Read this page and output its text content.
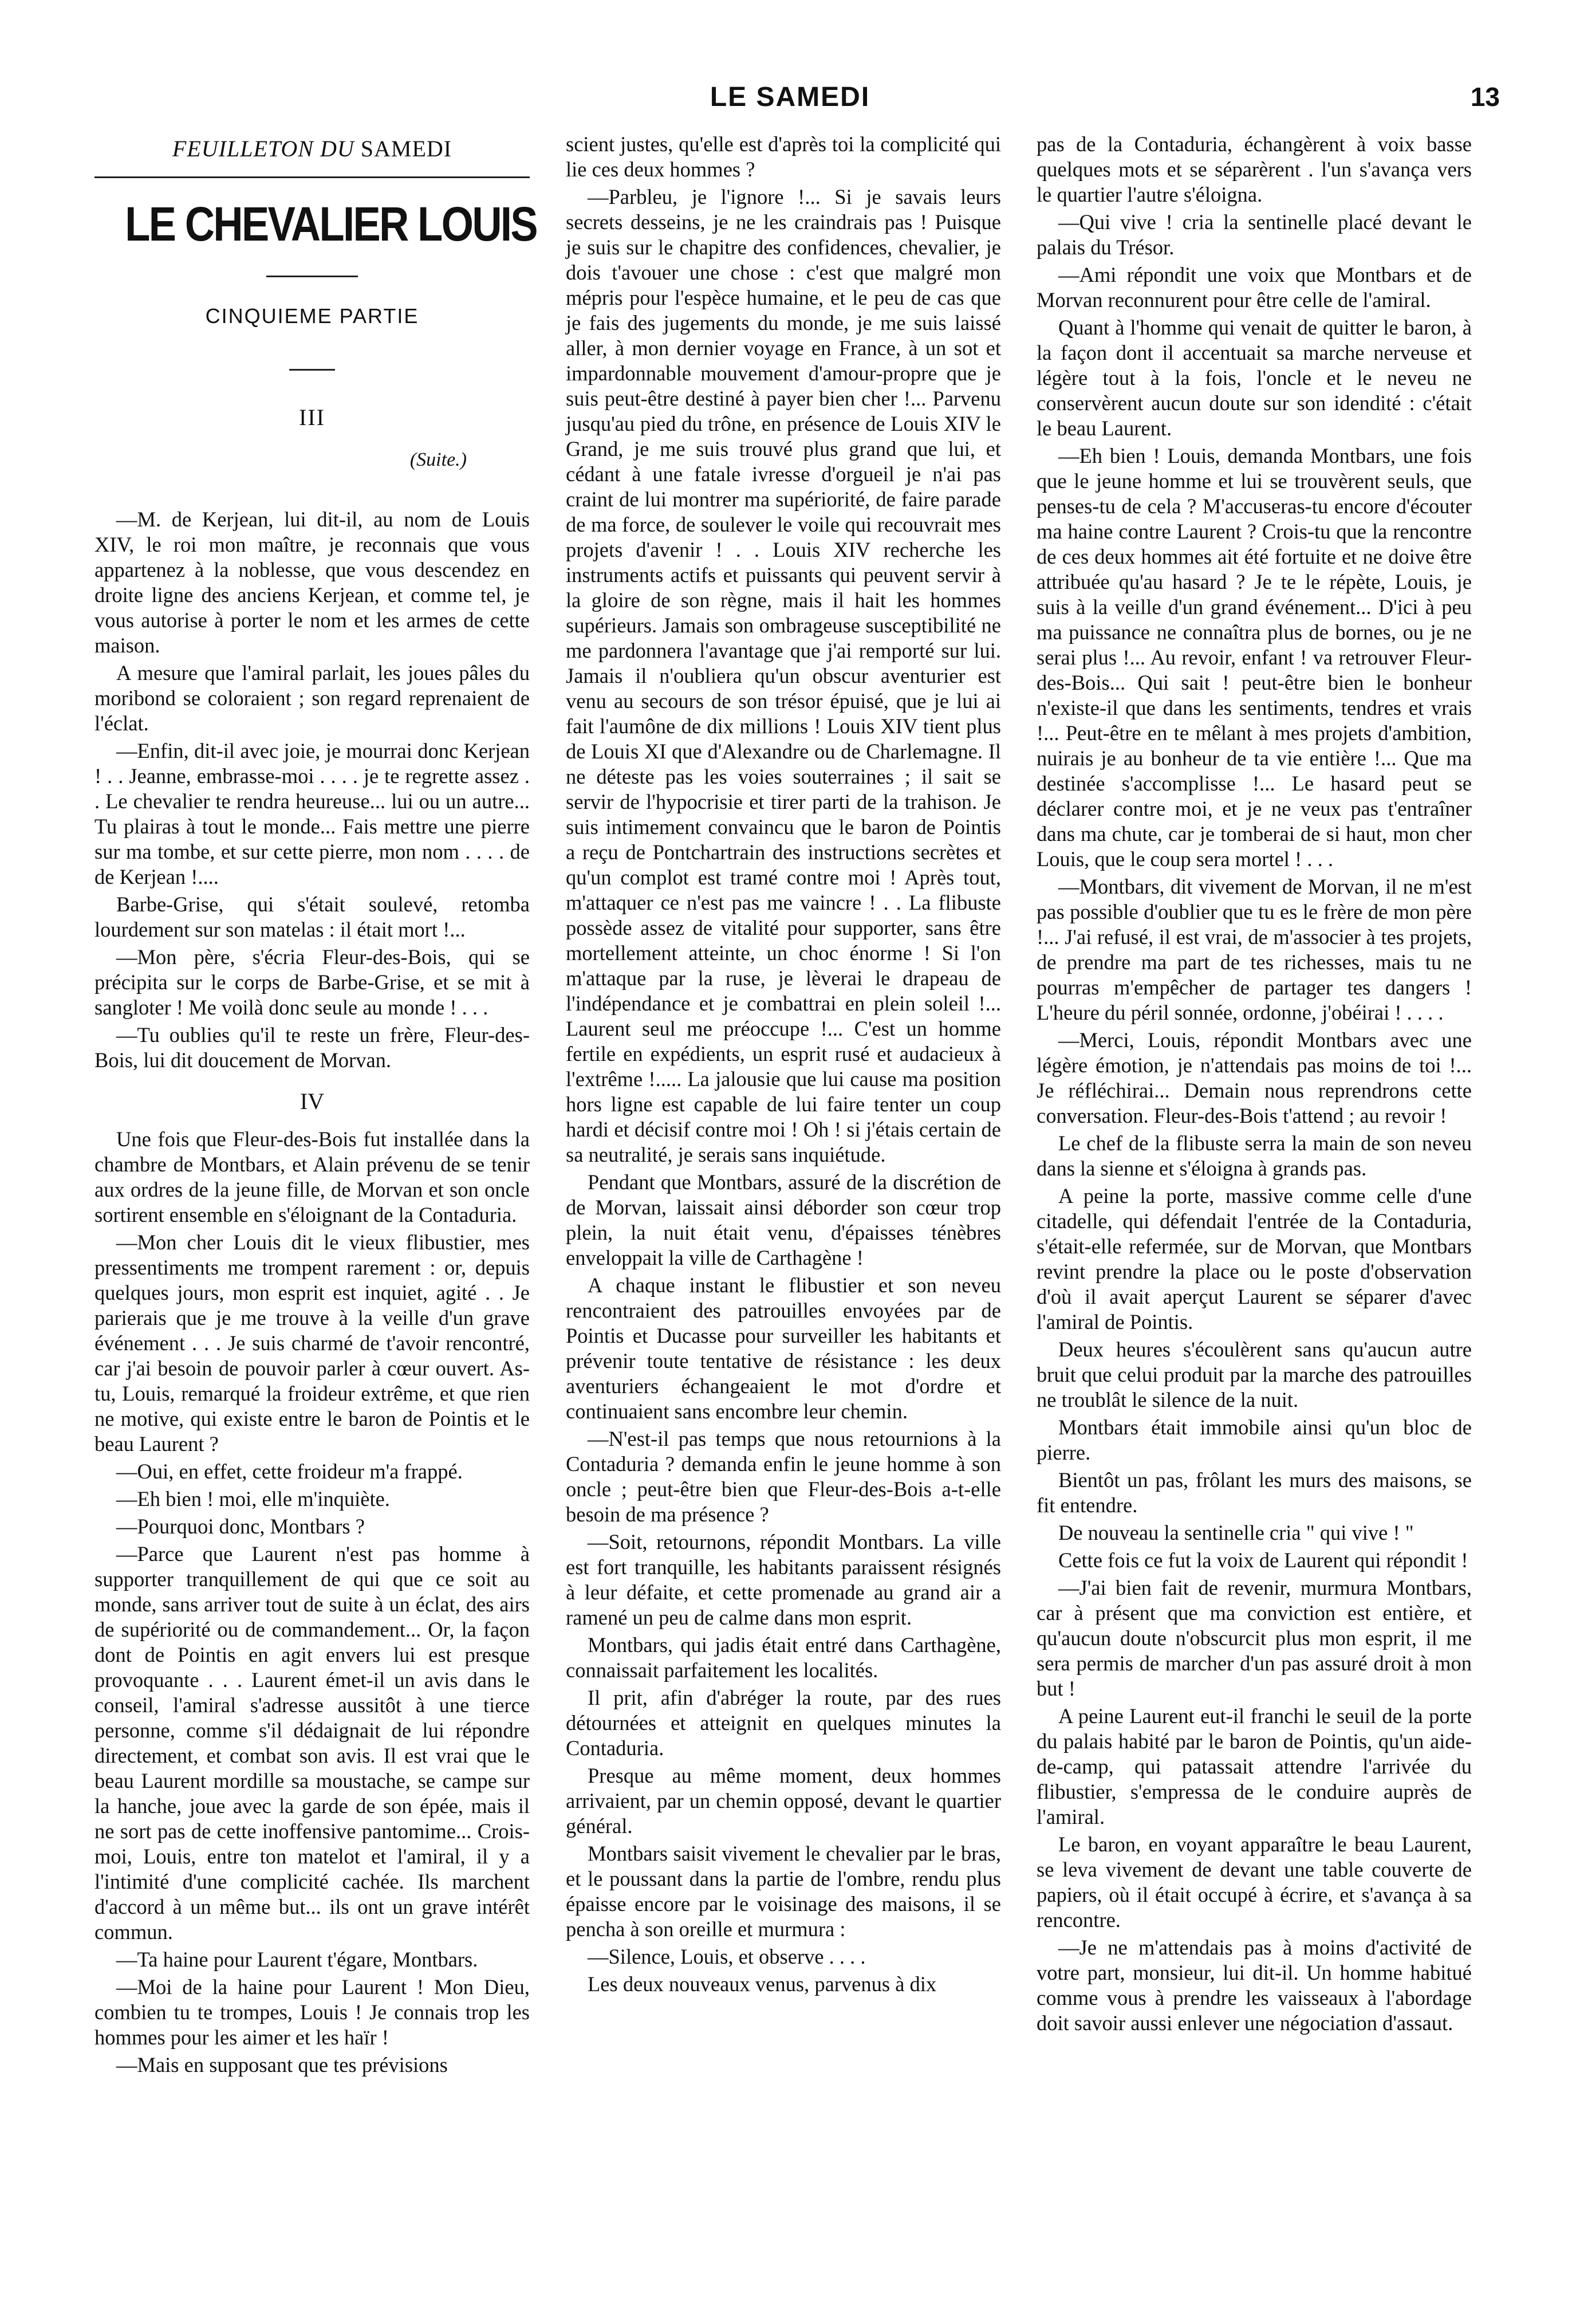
LE SAMEDI	13
FEUILLETON DU SAMEDI
LE CHEVALIER LOUIS
CINQUIEME PARTIE
III
(Suite.)

—M. de Kerjean, lui dit-il, au nom de Louis XIV, le roi mon maître, je reconnais que vous appartenez à la noblesse, que vous descendez en droite ligne des anciens Kerjean, et comme tel, je vous autorise à porter le nom et les armes de cette maison.

A mesure que l'amiral parlait, les joues pâles du moribond se coloraient ; son regard reprenaient de l'éclat.

—Enfin, dit-il avec joie, je mourrai donc Kerjean ! . . Jeanne, embrasse-moi . . . . je te regrette assez . . Le chevalier te rendra heureuse... lui ou un autre... Tu plairas à tout le monde... Fais mettre une pierre sur ma tombe, et sur cette pierre, mon nom . . . . de de Kerjean !....

Barbe-Grise, qui s'était soulevé, retomba lourdement sur son matelas : il était mort !...

—Mon père, s'écria Fleur-des-Bois, qui se précipita sur le corps de Barbe-Grise, et se mit à sangloter ! Me voilà donc seule au monde ! . . .

—Tu oublies qu'il te reste un frère, Fleur-des-Bois, lui dit doucement de Morvan.

IV

Une fois que Fleur-des-Bois fut installée dans la chambre de Montbars, et Alain prévenu de se tenir aux ordres de la jeune fille, de Morvan et son oncle sortirent ensemble en s'éloignant de la Contaduria.

—Mon cher Louis dit le vieux flibustier, mes pressentiments me trompent rarement : or, depuis quelques jours, mon esprit est inquiet, agité . . Je parierais que je me trouve à la veille d'un grave événement . . . Je suis charmé de t'avoir rencontré, car j'ai besoin de pouvoir parler à cœur ouvert. As-tu, Louis, remarqué la froideur extrême, et que rien ne motive, qui existe entre le baron de Pointis et le beau Laurent ?

—Oui, en effet, cette froideur m'a frappé.

—Eh bien ! moi, elle m'inquiète.

—Pourquoi donc, Montbars ?

—Parce que Laurent n'est pas homme à supporter tranquillement de qui que ce soit au monde, sans arriver tout de suite à un éclat, des airs de supériorité ou de commandement... Or, la façon dont de Pointis en agit envers lui est presque provoquante . . . Laurent émet-il un avis dans le conseil, l'amiral s'adresse aussitôt à une tierce personne, comme s'il dédaignait de lui répondre directement, et combat son avis. Il est vrai que le beau Laurent mordille sa moustache, se campe sur la hanche, joue avec la garde de son épée, mais il ne sort pas de cette inoffensive pantomime... Crois-moi, Louis, entre ton matelot et l'amiral, il y a l'intimité d'une complicité cachée. Ils marchent d'accord à un même but... ils ont un grave intérêt commun.

—Ta haine pour Laurent t'égare, Montbars.

—Moi de la haine pour Laurent ! Mon Dieu, combien tu te trompes, Louis ! Je connais trop les hommes pour les aimer et les haïr !

—Mais en supposant que tes prévisions

scient justes, qu'elle est d'après toi la complicité qui lie ces deux hommes ?

—Parbleu, je l'ignore !... Si je savais leurs secrets desseins, je ne les craindrais pas ! Puisque je suis sur le chapitre des confidences, chevalier, je dois t'avouer une chose : c'est que malgré mon mépris pour l'espèce humaine, et le peu de cas que je fais des jugements du monde, je me suis laissé aller, à mon dernier voyage en France, à un sot et impardonnable mouvement d'amour-propre que je suis peut-être destiné à payer bien cher !... Parvenu jusqu'au pied du trône, en présence de Louis XIV le Grand, je me suis trouvé plus grand que lui, et cédant à une fatale ivresse d'orgueil je n'ai pas craint de lui montrer ma supériorité, de faire parade de ma force, de soulever le voile qui recouvrait mes projets d'avenir ! . . Louis XIV recherche les instruments actifs et puissants qui peuvent servir à la gloire de son règne, mais il hait les hommes supérieurs. Jamais son ombrageuse susceptibilité ne me pardonnera l'avantage que j'ai remporté sur lui. Jamais il n'oubliera qu'un obscur aventurier est venu au secours de son trésor épuisé, que je lui ai fait l'aumône de dix millions ! Louis XIV tient plus de Louis XI que d'Alexandre ou de Charlemagne. Il ne déteste pas les voies souterraines ; il sait se servir de l'hypocrisie et tirer parti de la trahison. Je suis intimement convaincu que le baron de Pointis a reçu de Pontchartrain des instructions secrètes et qu'un complot est tramé contre moi ! Après tout, m'attaquer ce n'est pas me vaincre ! . . La flibuste possède assez de vitalité pour supporter, sans être mortellement atteinte, un choc énorme ! Si l'on m'attaque par la ruse, je lèverai le drapeau de l'indépendance et je combattrai en plein soleil !... Laurent seul me préoccupe !... C'est un homme fertile en expédients, un esprit rusé et audacieux à l'extrême !..... La jalousie que lui cause ma position hors ligne est capable de lui faire tenter un coup hardi et décisif contre moi ! Oh ! si j'étais certain de sa neutralité, je serais sans inquiétude.

Pendant que Montbars, assuré de la discrétion de de Morvan, laissait ainsi déborder son cœur trop plein, la nuit était venu, d'épaisses ténèbres enveloppait la ville de Carthagène !

A chaque instant le flibustier et son neveu rencontraient des patrouilles envoyées par de Pointis et Ducasse pour surveiller les habitants et prévenir toute tentative de résistance : les deux aventuriers échangeaient le mot d'ordre et continuaient sans encombre leur chemin.

—N'est-il pas temps que nous retournions à la Contaduria ? demanda enfin le jeune homme à son oncle ; peut-être bien que Fleur-des-Bois a-t-elle besoin de ma présence ?

—Soit, retournons, répondit Montbars. La ville est fort tranquille, les habitants paraissent résignés à leur défaite, et cette promenade au grand air a ramené un peu de calme dans mon esprit.

Montbars, qui jadis était entré dans Carthagène, connaissait parfaitement les localités.

Il prit, afin d'abréger la route, par des rues détournées et atteignit en quelques minutes la Contaduria.

Presque au même moment, deux hommes arrivaient, par un chemin opposé, devant le quartier général.

Montbars saisit vivement le chevalier par le bras, et le poussant dans la partie de l'ombre, rendu plus épaisse encore par le voisinage des maisons, il se pencha à son oreille et murmura :

—Silence, Louis, et observe . . . .

Les deux nouveaux venus, parvenus à dix

pas de la Contaduria, échangèrent à voix basse quelques mots et se séparèrent . l'un s'avança vers le quartier l'autre s'éloigna.

—Qui vive ! cria la sentinelle placé devant le palais du Trésor.

—Ami répondit une voix que Montbars et de Morvan reconnurent pour être celle de l'amiral.

Quant à l'homme qui venait de quitter le baron, à la façon dont il accentuait sa marche nerveuse et légère tout à la fois, l'oncle et le neveu ne conservèrent aucun doute sur son idendité : c'était le beau Laurent.

—Eh bien ! Louis, demanda Montbars, une fois que le jeune homme et lui se trouvèrent seuls, que penses-tu de cela ? M'accuseras-tu encore d'écouter ma haine contre Laurent ? Crois-tu que la rencontre de ces deux hommes ait été fortuite et ne doive être attribuée qu'au hasard ? Je te le répète, Louis, je suis à la veille d'un grand événement... D'ici à peu ma puissance ne connaîtra plus de bornes, ou je ne serai plus !... Au revoir, enfant ! va retrouver Fleur-des-Bois... Qui sait ! peut-être bien le bonheur n'existe-il que dans les sentiments, tendres et vrais !... Peut-être en te mêlant à mes projets d'ambition, nuirais je au bonheur de ta vie entière !... Que ma destinée s'accomplisse !... Le hasard peut se déclarer contre moi, et je ne veux pas t'entraîner dans ma chute, car je tomberai de si haut, mon cher Louis, que le coup sera mortel ! . . .

—Montbars, dit vivement de Morvan, il ne m'est pas possible d'oublier que tu es le frère de mon père !... J'ai refusé, il est vrai, de m'associer à tes projets, de prendre ma part de tes richesses, mais tu ne pourras m'empêcher de partager tes dangers ! L'heure du péril sonnée, ordonne, j'obéirai ! . . . .

—Merci, Louis, répondit Montbars avec une légère émotion, je n'attendais pas moins de toi !... Je réfléchirai... Demain nous reprendrons cette conversation. Fleur-des-Bois t'attend ; au revoir !

Le chef de la flibuste serra la main de son neveu dans la sienne et s'éloigna à grands pas.

A peine la porte, massive comme celle d'une citadelle, qui défendait l'entrée de la Contaduria, s'était-elle refermée, sur de Morvan, que Montbars revint prendre la place ou le poste d'observation d'où il avait aperçut Laurent se séparer d'avec l'amiral de Pointis.

Deux heures s'écoulèrent sans qu'aucun autre bruit que celui produit par la marche des patrouilles ne troublât le silence de la nuit.

Montbars était immobile ainsi qu'un bloc de pierre.

Bientôt un pas, frôlant les murs des maisons, se fit entendre.

De nouveau la sentinelle cria " qui vive ! "

Cette fois ce fut la voix de Laurent qui répondit !

—J'ai bien fait de revenir, murmura Montbars, car à présent que ma conviction est entière, et qu'aucun doute n'obscurcit plus mon esprit, il me sera permis de marcher d'un pas assuré droit à mon but !

A peine Laurent eut-il franchi le seuil de la porte du palais habité par le baron de Pointis, qu'un aide-de-camp, qui patassait attendre l'arrivée du flibustier, s'empressa de le conduire auprès de l'amiral.

Le baron, en voyant apparaître le beau Laurent, se leva vivement de devant une table couverte de papiers, où il était occupé à écrire, et s'avança à sa rencontre.

—Je ne m'attendais pas à moins d'activité de votre part, monsieur, lui dit-il. Un homme habitué comme vous à prendre les vaisseaux à l'abordage doit savoir aussi enlever une négociation d'assaut.
